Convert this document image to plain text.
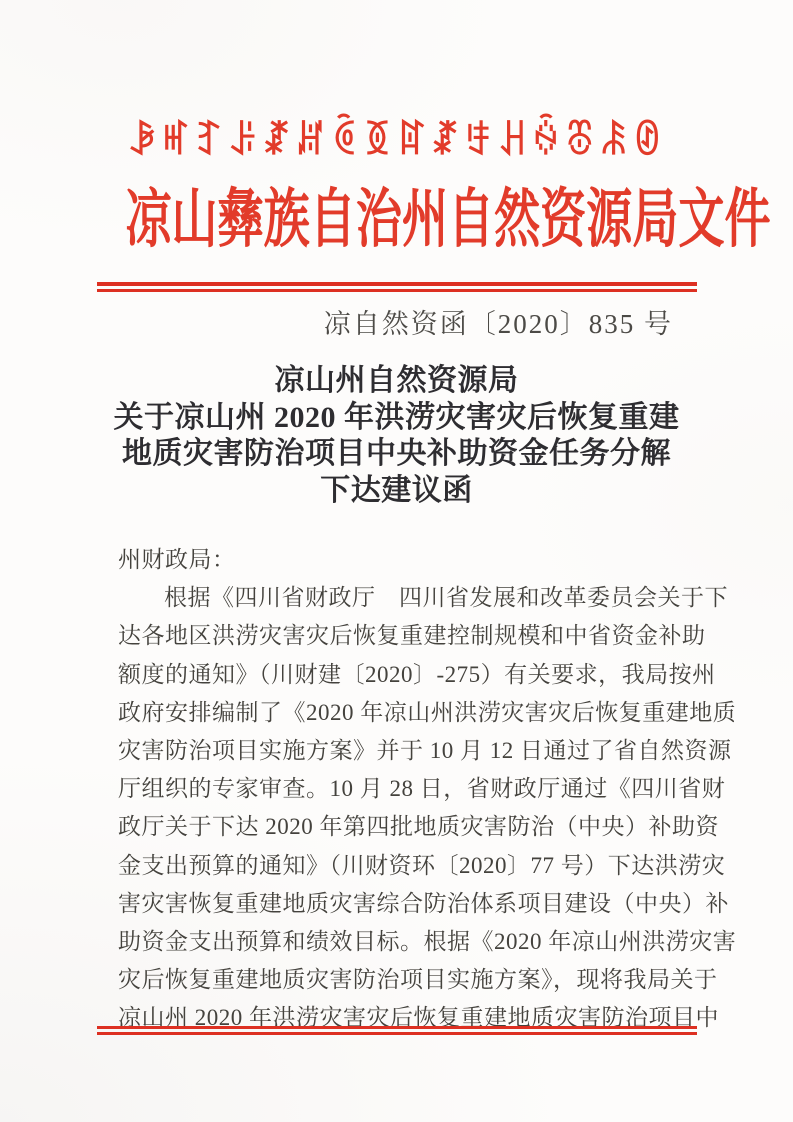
ꆃꎭꆈꌠꊨꏦꏱꅉꍏꊨꄜꃅꍇꁨꄯꊸ
凉山彝族自治州自然资源局文件
凉自然资函〔2020〕835 号
凉山州自然资源局
关于凉山州 2020 年洪涝灾害灾后恢复重建
地质灾害防治项目中央补助资金任务分解
下达建议函
州财政局：
根据《四川省财政厅　四川省发展和改革委员会关于下
达各地区洪涝灾害灾后恢复重建控制规模和中省资金补助
额度的通知》（川财建〔2020〕-275）有关要求，我局按州
政府安排编制了《2020 年凉山州洪涝灾害灾后恢复重建地质
灾害防治项目实施方案》并于 10 月 12 日通过了省自然资源
厅组织的专家审查。10 月 28 日，省财政厅通过《四川省财
政厅关于下达 2020 年第四批地质灾害防治（中央）补助资
金支出预算的通知》（川财资环〔2020〕77 号）下达洪涝灾
害灾害恢复重建地质灾害综合防治体系项目建设（中央）补
助资金支出预算和绩效目标。根据《2020 年凉山州洪涝灾害
灾后恢复重建地质灾害防治项目实施方案》，现将我局关于
凉山州 2020 年洪涝灾害灾后恢复重建地质灾害防治项目中
